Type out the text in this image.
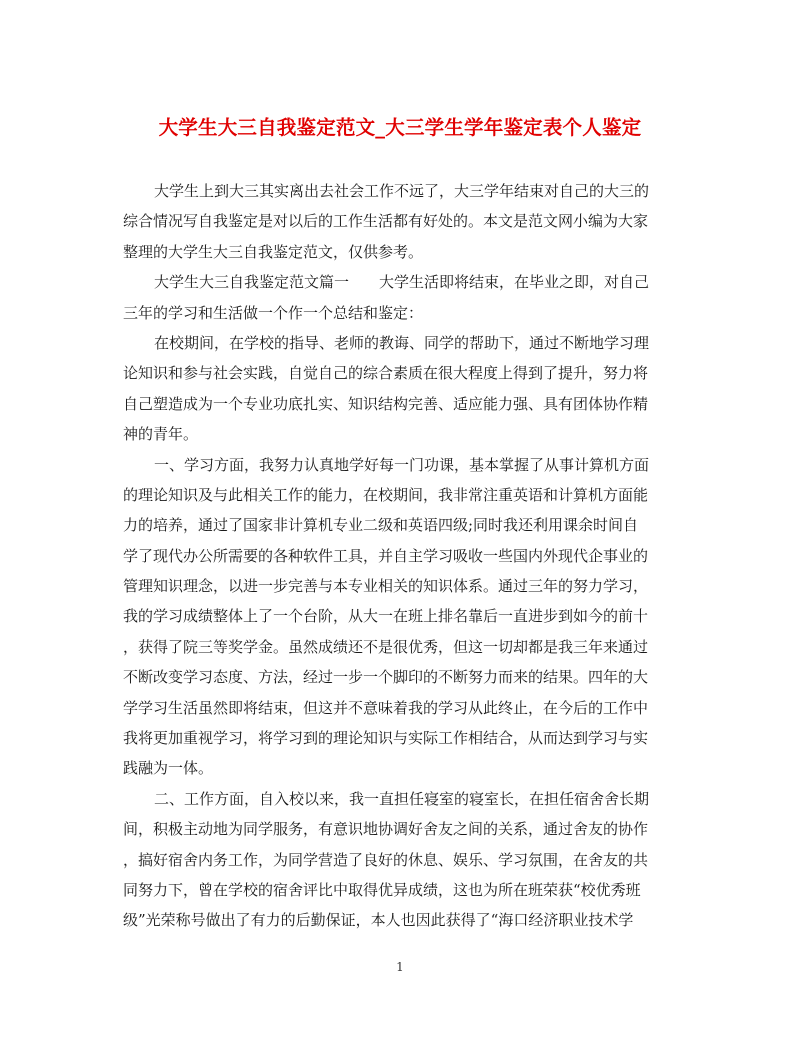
大学生大三自我鉴定范文_大三学生学年鉴定表个人鉴定
大学生上到大三其实离出去社会工作不远了，大三学年结束对自己的大三的
综合情况写自我鉴定是对以后的工作生活都有好处的。本文是范文网小编为大家
整理的大学生大三自我鉴定范文，仅供参考。
大学生大三自我鉴定范文篇一　　大学生活即将结束，在毕业之即，对自己
三年的学习和生活做一个作一个总结和鉴定：
在校期间，在学校的指导、老师的教诲、同学的帮助下，通过不断地学习理
论知识和参与社会实践，自觉自己的综合素质在很大程度上得到了提升，努力将
自己塑造成为一个专业功底扎实、知识结构完善、适应能力强、具有团体协作精
神的青年。
一、学习方面，我努力认真地学好每一门功课，基本掌握了从事计算机方面
的理论知识及与此相关工作的能力，在校期间，我非常注重英语和计算机方面能
力的培养，通过了国家非计算机专业二级和英语四级;同时我还利用课余时间自
学了现代办公所需要的各种软件工具，并自主学习吸收一些国内外现代企事业的
管理知识理念，以进一步完善与本专业相关的知识体系。通过三年的努力学习，
我的学习成绩整体上了一个台阶，从大一在班上排名靠后一直进步到如今的前十
，获得了院三等奖学金。虽然成绩还不是很优秀，但这一切却都是我三年来通过
不断改变学习态度、方法，经过一步一个脚印的不断努力而来的结果。四年的大
学学习生活虽然即将结束，但这并不意味着我的学习从此终止，在今后的工作中
我将更加重视学习，将学习到的理论知识与实际工作相结合，从而达到学习与实
践融为一体。
二、工作方面，自入校以来，我一直担任寝室的寝室长，在担任宿舍舍长期
间，积极主动地为同学服务，有意识地协调好舍友之间的关系，通过舍友的协作
，搞好宿舍内务工作，为同学营造了良好的休息、娱乐、学习氛围，在舍友的共
同努力下，曾在学校的宿舍评比中取得优异成绩，这也为所在班荣获“校优秀班
级”光荣称号做出了有力的后勤保证，本人也因此获得了“海口经济职业技术学
1
